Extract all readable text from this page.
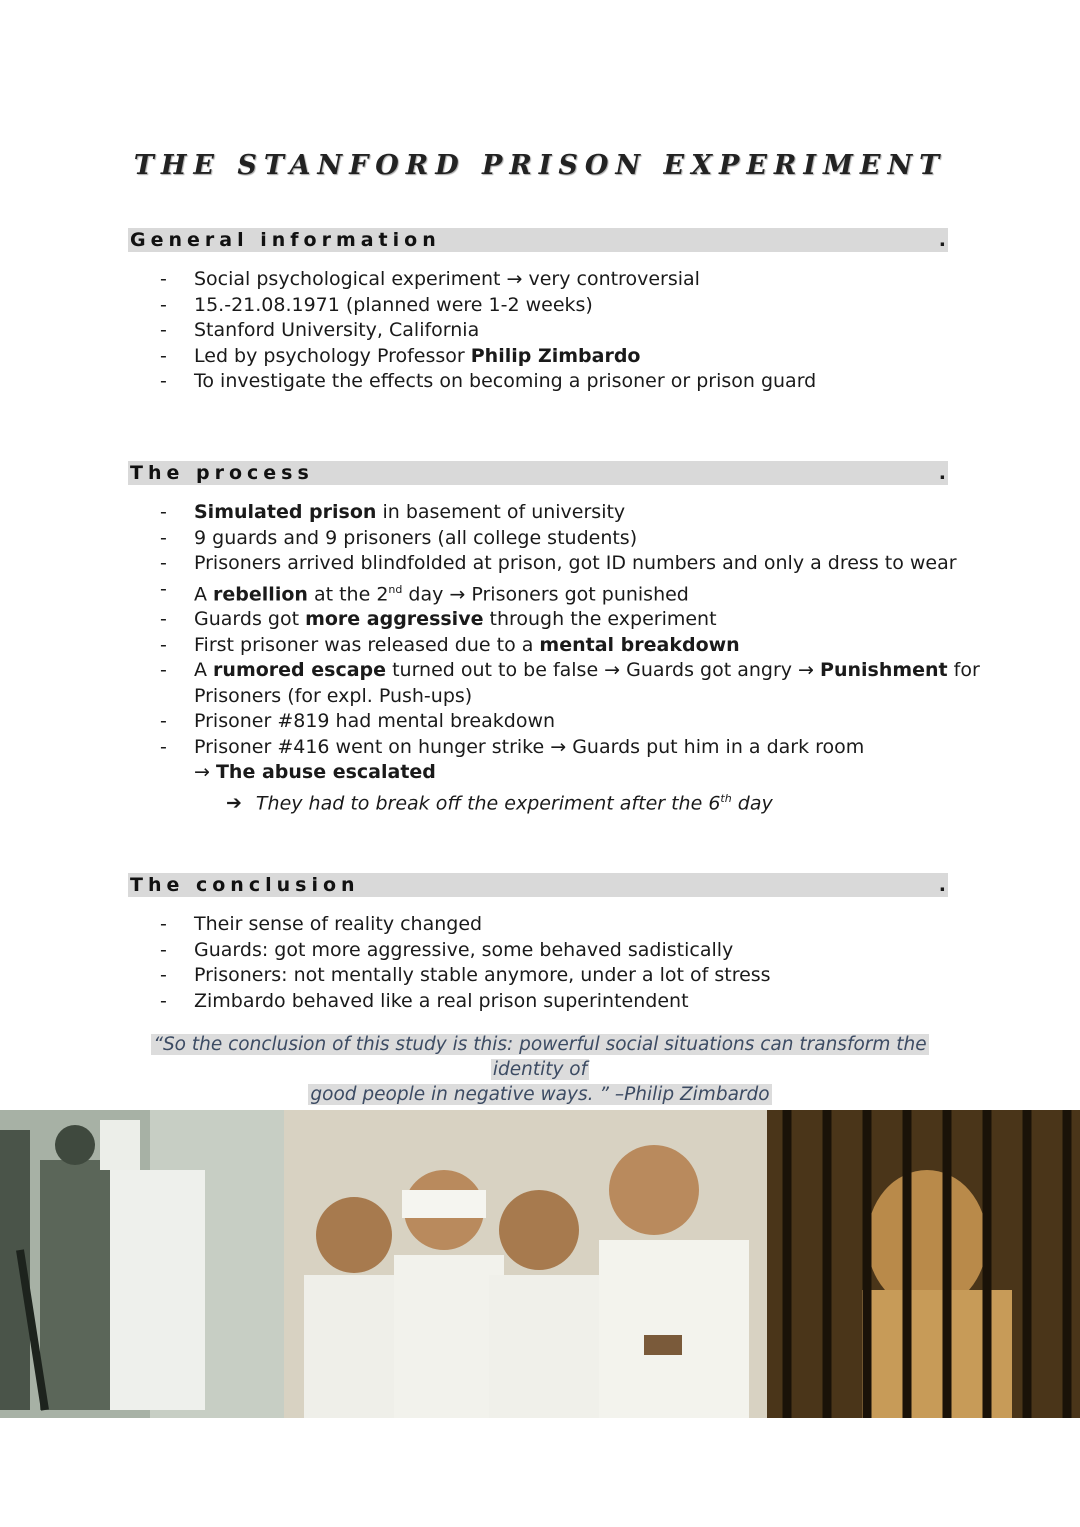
THE STANFORD PRISON EXPERIMENT
General information	.
- Social psychological experiment → very controversial
- 15.-21.08.1971 (planned were 1-2 weeks)
- Stanford University, California
- Led by psychology Professor Philip Zimbardo
- To investigate the effects on becoming a prisoner or prison guard
The process	.
- Simulated prison in basement of university
- 9 guards and 9 prisoners (all college students)
- Prisoners arrived blindfolded at prison, got ID numbers and only a dress to wear
- A rebellion at the 2nd day → Prisoners got punished
- Guards got more aggressive through the experiment
- First prisoner was released due to a mental breakdown
- A rumored escape turned out to be false → Guards got angry → Punishment for
Prisoners (for expl. Push-ups)
- Prisoner #819 had mental breakdown
- Prisoner #416 went on hunger strike → Guards put him in a dark room
→ The abuse escalated
➔ They had to break off the experiment after the 6th day
The conclusion	.
- Their sense of reality changed
- Guards: got more aggressive, some behaved sadistically
- Prisoners: not mentally stable anymore, under a lot of stress
- Zimbardo behaved like a real prison superintendent
“So the conclusion of this study is this: powerful social situations can transform the identity of
good people in negative ways. ” –Philip Zimbardo
